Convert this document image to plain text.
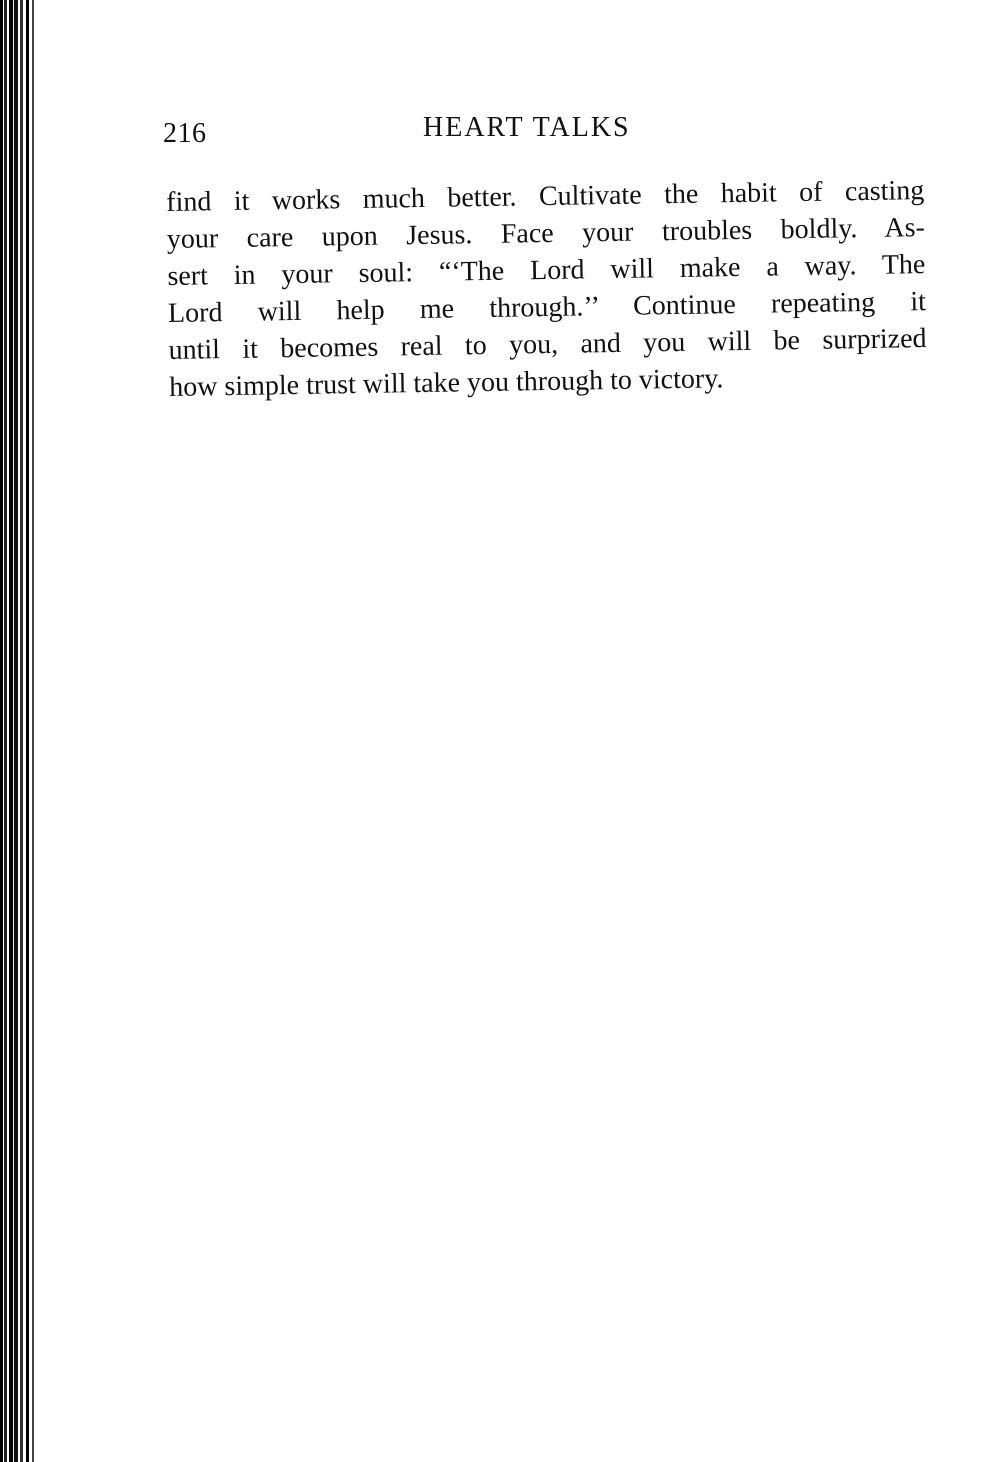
216	HEART TALKS
find it works much better. Cultivate the habit of casting
your care upon Jesus. Face your troubles boldly. As-
sert in your soul: “‘The Lord will make a way. The
Lord will help me through.’’ Continue repeating it
until it becomes real to you, and you will be surprized
how simple trust will take you through to victory.
